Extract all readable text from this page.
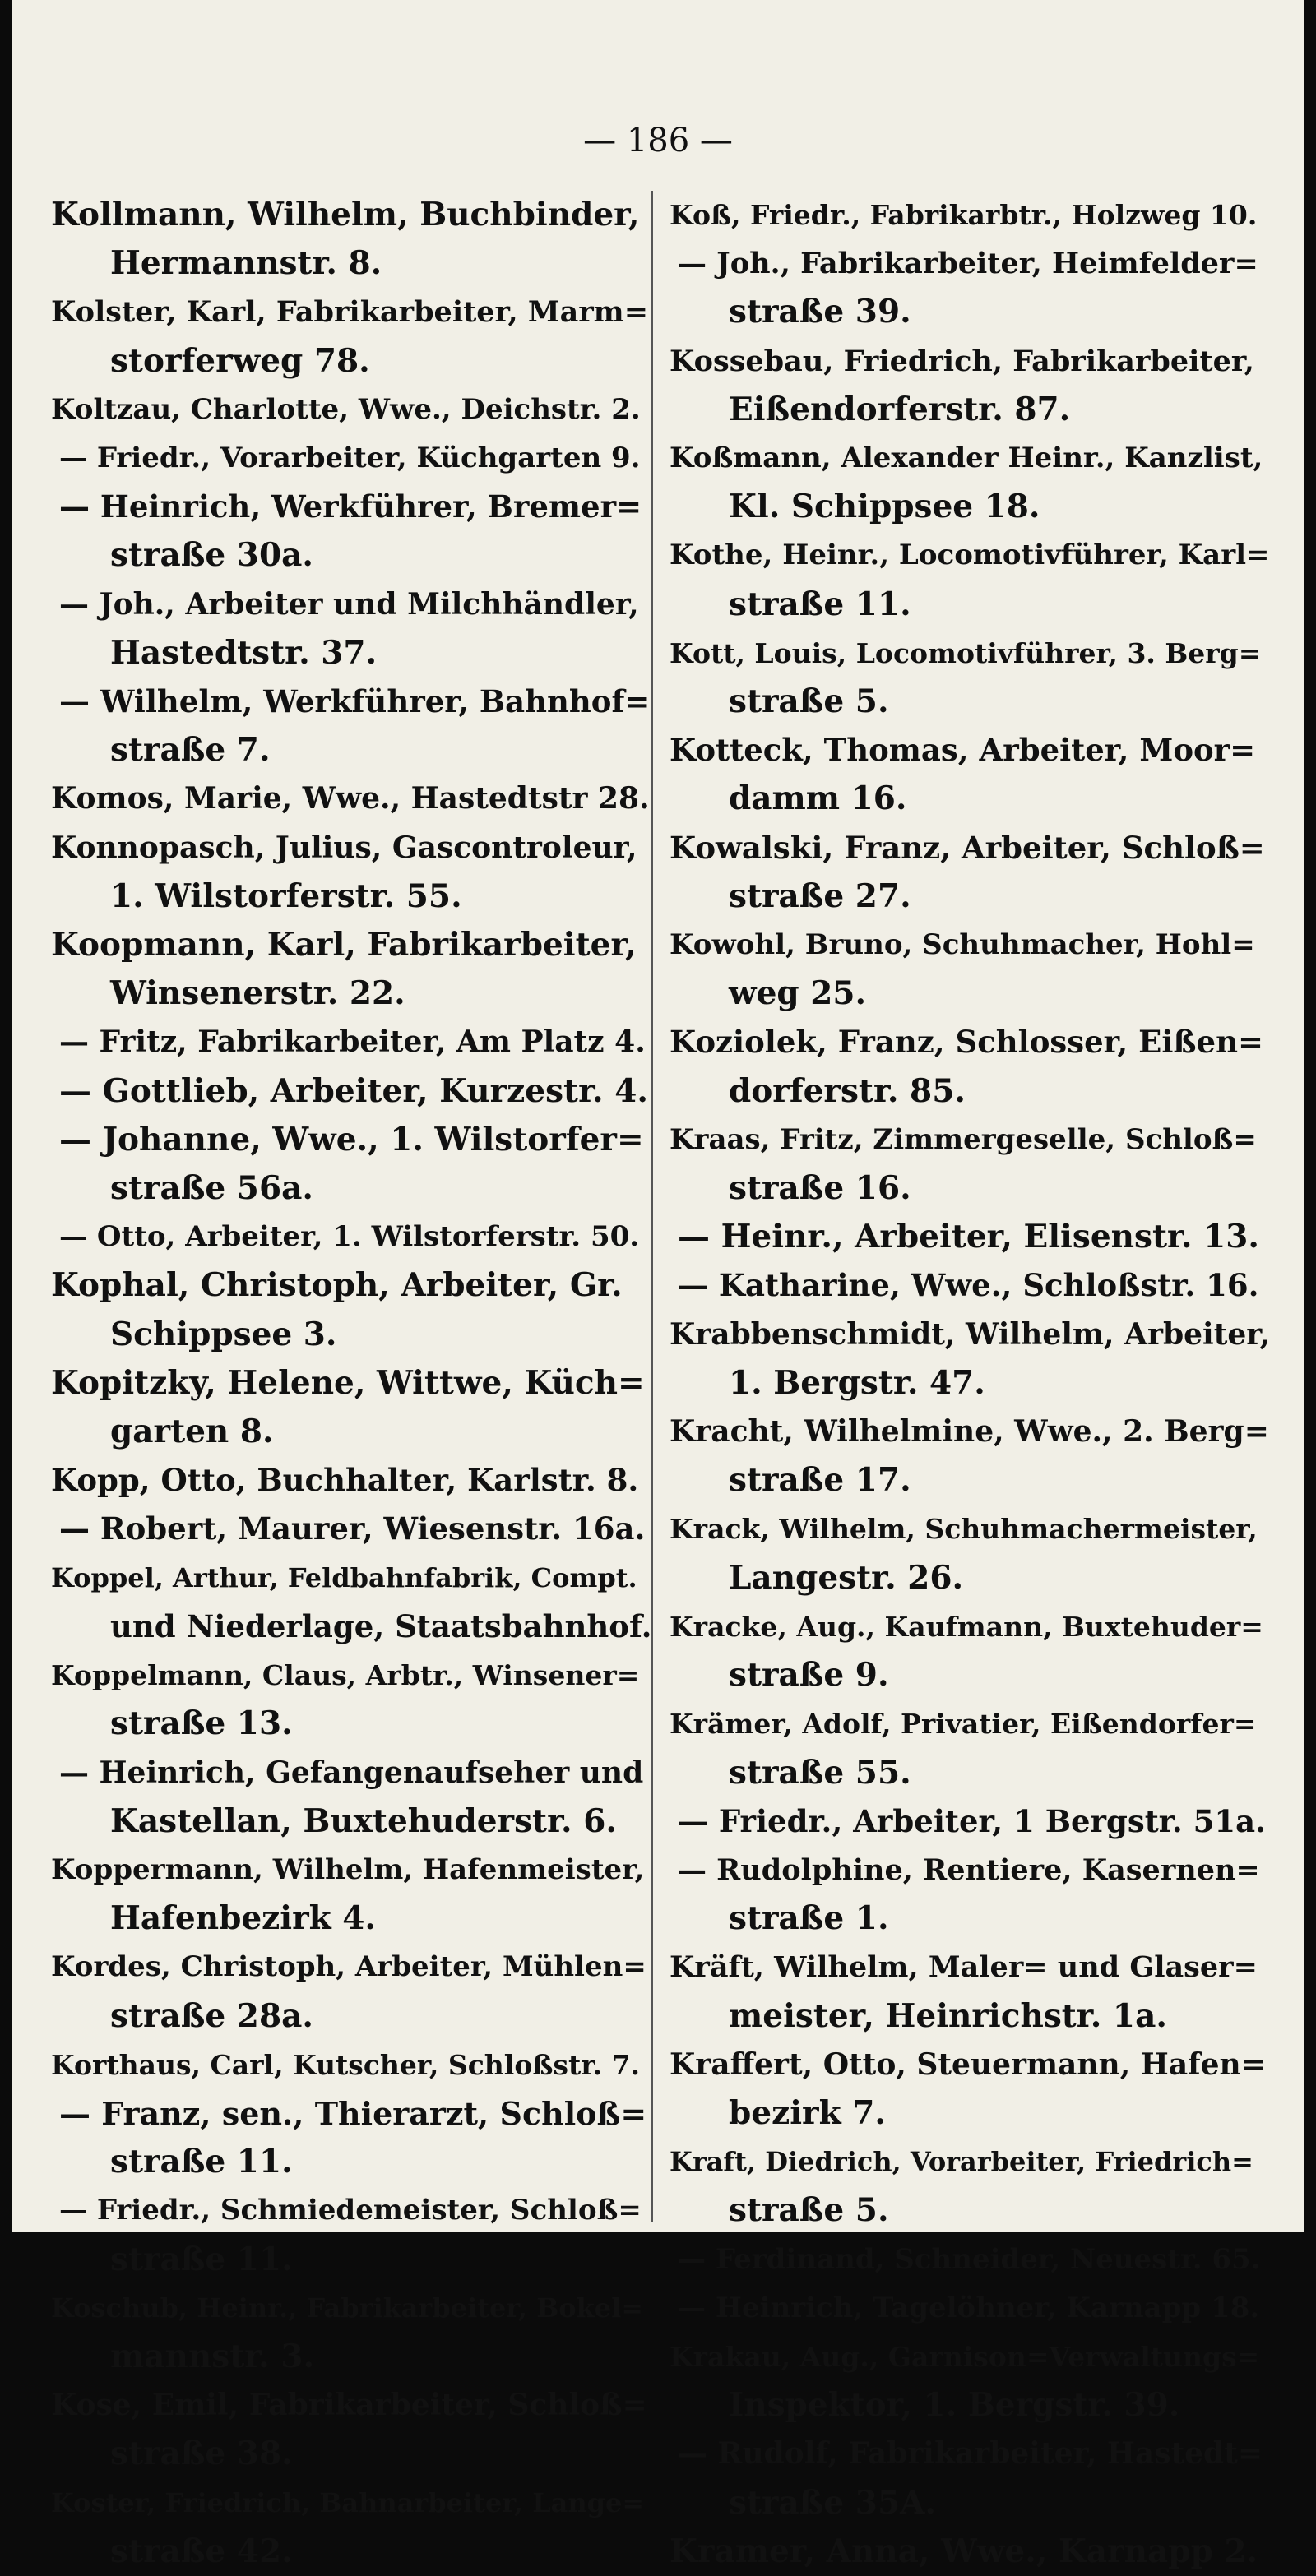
— 186 —
Kollmann, Wilhelm, Buchbinder,
Hermannstr. 8.
Kolster, Karl, Fabrikarbeiter, Marm=
storferweg 78.
Koltzau, Charlotte, Wwe., Deichstr. 2.
— Friedr., Vorarbeiter, Küchgarten 9.
— Heinrich, Werkführer, Bremer=
straße 30a.
— Joh., Arbeiter und Milchhändler,
Hastedtstr. 37.
— Wilhelm, Werkführer, Bahnhof=
straße 7.
Komos, Marie, Wwe., Hastedtstr 28.
Konnopasch, Julius, Gascontroleur,
1. Wilstorferstr. 55.
Koopmann, Karl, Fabrikarbeiter,
Winsenerstr. 22.
— Fritz, Fabrikarbeiter, Am Platz 4.
— Gottlieb, Arbeiter, Kurzestr. 4.
— Johanne, Wwe., 1. Wilstorfer=
straße 56a.
— Otto, Arbeiter, 1. Wilstorferstr. 50.
Kophal, Christoph, Arbeiter, Gr.
Schippsee 3.
Kopitzky, Helene, Wittwe, Küch=
garten 8.
Kopp, Otto, Buchhalter, Karlstr. 8.
— Robert, Maurer, Wiesenstr. 16a.
Koppel, Arthur, Feldbahnfabrik, Compt.
und Niederlage, Staatsbahnhof.
Koppelmann, Claus, Arbtr., Winsener=
straße 13.
— Heinrich, Gefangenaufseher und
Kastellan, Buxtehuderstr. 6.
Koppermann, Wilhelm, Hafenmeister,
Hafenbezirk 4.
Kordes, Christoph, Arbeiter, Mühlen=
straße 28a.
Korthaus, Carl, Kutscher, Schloßstr. 7.
— Franz, sen., Thierarzt, Schloß=
straße 11.
— Friedr., Schmiedemeister, Schloß=
straße 11.
Koschub, Heinr., Fabrikarbeiter, Bokel=
mannstr. 3.
Kose, Emil, Fabrikarbeiter, Schloß=
straße 38.
Koster, Friedrich, Bahnarbeiter, Lange=
straße 42.
Koß, Friedr., Fabrikarbtr., Holzweg 10.
— Joh., Fabrikarbeiter, Heimfelder=
straße 39.
Kossebau, Friedrich, Fabrikarbeiter,
Eißendorferstr. 87.
Koßmann, Alexander Heinr., Kanzlist,
Kl. Schippsee 18.
Kothe, Heinr., Locomotivführer, Karl=
straße 11.
Kott, Louis, Locomotivführer, 3. Berg=
straße 5.
Kotteck, Thomas, Arbeiter, Moor=
damm 16.
Kowalski, Franz, Arbeiter, Schloß=
straße 27.
Kowohl, Bruno, Schuhmacher, Hohl=
weg 25.
Koziolek, Franz, Schlosser, Eißen=
dorferstr. 85.
Kraas, Fritz, Zimmergeselle, Schloß=
straße 16.
— Heinr., Arbeiter, Elisenstr. 13.
— Katharine, Wwe., Schloßstr. 16.
Krabbenschmidt, Wilhelm, Arbeiter,
1. Bergstr. 47.
Kracht, Wilhelmine, Wwe., 2. Berg=
straße 17.
Krack, Wilhelm, Schuhmachermeister,
Langestr. 26.
Kracke, Aug., Kaufmann, Buxtehuder=
straße 9.
Krämer, Adolf, Privatier, Eißendorfer=
straße 55.
— Friedr., Arbeiter, 1 Bergstr. 51a.
— Rudolphine, Rentiere, Kasernen=
straße 1.
Kräft, Wilhelm, Maler= und Glaser=
meister, Heinrichstr. 1a.
Kraffert, Otto, Steuermann, Hafen=
bezirk 7.
Kraft, Diedrich, Vorarbeiter, Friedrich=
straße 5.
— Ferdinand, Schneider, Neuestr. 65.
— Heinrich, Tagelöhner, Karnapp 18.
Krakau, Aug., Garnison=Verwaltungs=
Inspektor, 1. Bergstr. 39.
— Rudolf, Fabrikarbeiter, Hastedt=
straße 35A.
Kramer, Anna, Wwe., Karnapp 2.
